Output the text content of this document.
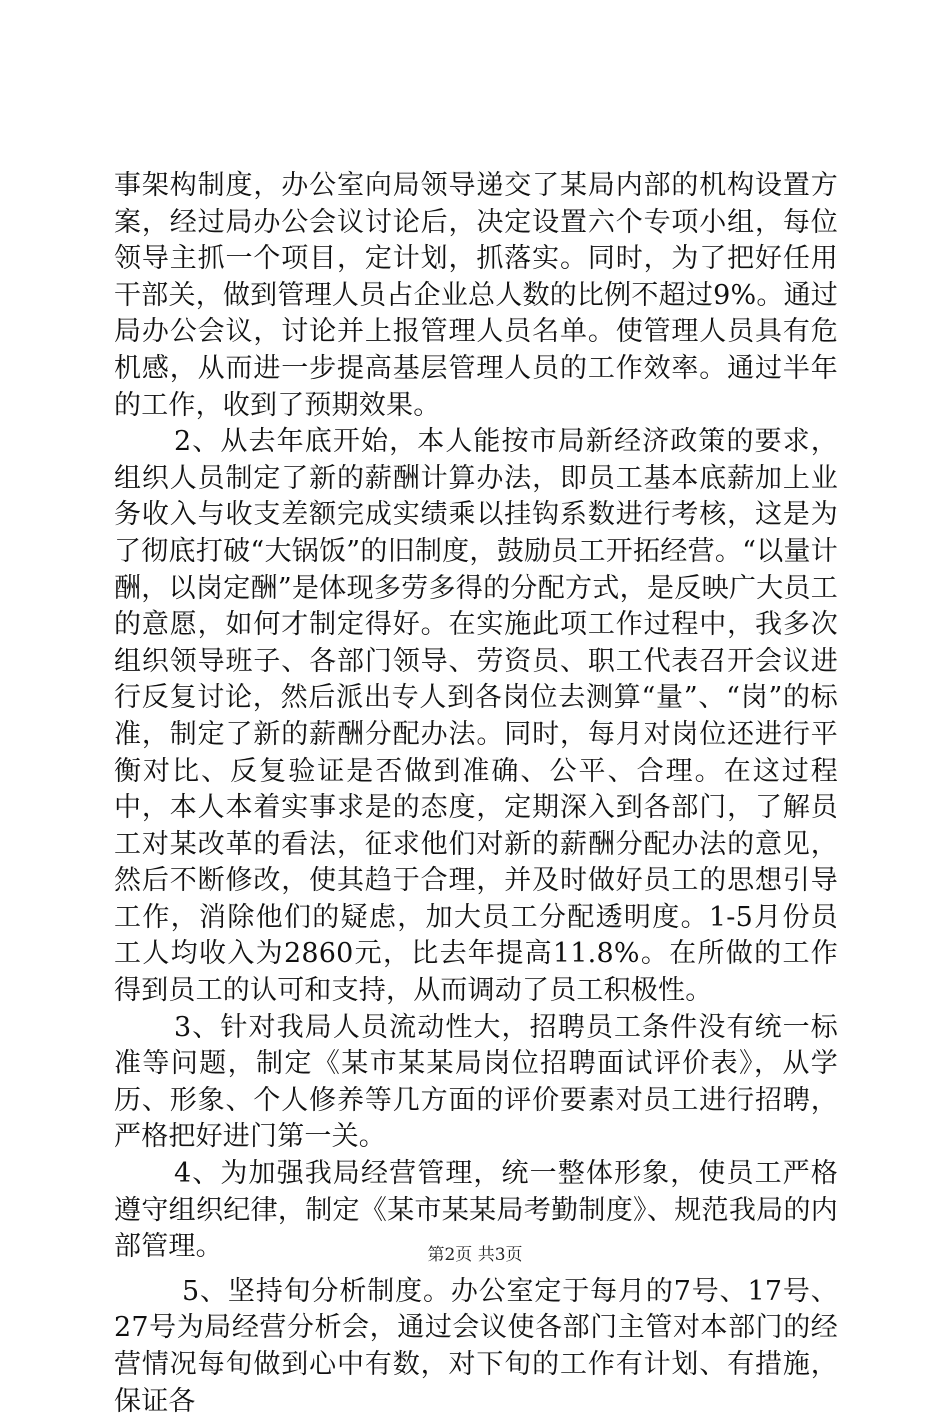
事架构制度，办公室向局领导递交了某局内部的机构设置方案，经过局办公会议讨论后，决定设置六个专项小组，每位领导主抓一个项目，定计划，抓落实。同时，为了把好任用干部关，做到管理人员占企业总人数的比例不超过9%。通过局办公会议，讨论并上报管理人员名单。使管理人员具有危机感，从而进一步提高基层管理人员的工作效率。通过半年的工作，收到了预期效果。

2、从去年底开始，本人能按市局新经济政策的要求，组织人员制定了新的薪酬计算办法，即员工基本底薪加上业务收入与收支差额完成实绩乘以挂钩系数进行考核，这是为了彻底打破“大锅饭”的旧制度，鼓励员工开拓经营。“以量计酬，以岗定酬”是体现多劳多得的分配方式，是反映广大员工的意愿，如何才制定得好。在实施此项工作过程中，我多次组织领导班子、各部门领导、劳资员、职工代表召开会议进行反复讨论，然后派出专人到各岗位去测算“量”、“岗”的标准，制定了新的薪酬分配办法。同时，每月对岗位还进行平衡对比、反复验证是否做到准确、公平、合理。在这过程中，本人本着实事求是的态度，定期深入到各部门，了解员工对某改革的看法，征求他们对新的薪酬分配办法的意见，然后不断修改，使其趋于合理，并及时做好员工的思想引导工作，消除他们的疑虑，加大员工分配透明度。1-5月份员工人均收入为2860元，比去年提高11.8%。在所做的工作得到员工的认可和支持，从而调动了员工积极性。

3、针对我局人员流动性大，招聘员工条件没有统一标准等问题，制定《某市某某局岗位招聘面试评价表》，从学历、形象、个人修养等几方面的评价要素对员工进行招聘，严格把好进门第一关。

4、为加强我局经营管理，统一整体形象，使员工严格遵守组织纪律，制定《某市某某局考勤制度》、规范我局的内部管理。

5、坚持旬分析制度。办公室定于每月的7号、17号、27号为局经营分析会，通过会议使各部门主管对本部门的经营情况每旬做到心中有数，对下旬的工作有计划、有措施，保证各

第2页 共3页
